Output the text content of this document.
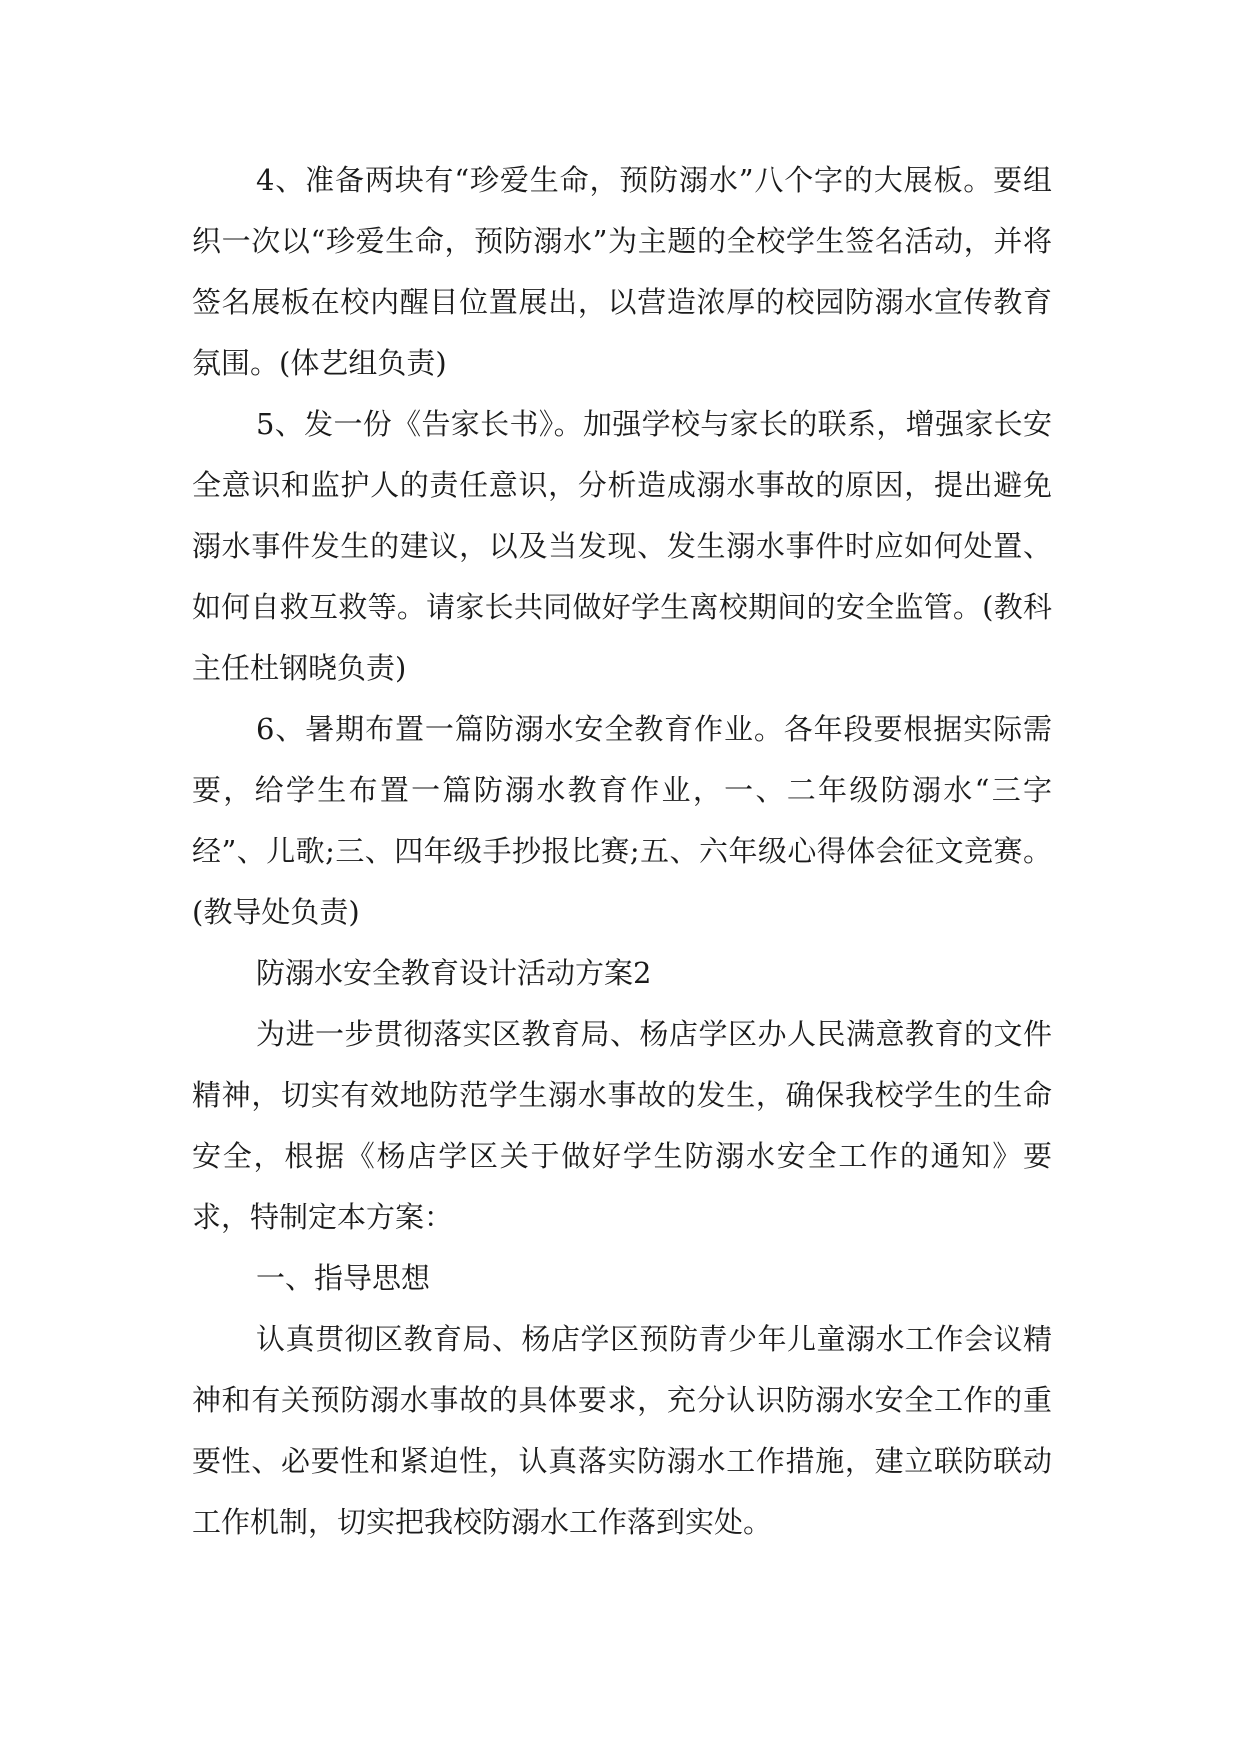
4、准备两块有“珍爱生命，预防溺水”八个字的大展板。要组织一次以“珍爱生命，预防溺水”为主题的全校学生签名活动，并将签名展板在校内醒目位置展出，以营造浓厚的校园防溺水宣传教育氛围。(体艺组负责)

5、发一份《告家长书》。加强学校与家长的联系，增强家长安全意识和监护人的责任意识，分析造成溺水事故的原因，提出避免溺水事件发生的建议，以及当发现、发生溺水事件时应如何处置、如何自救互救等。请家长共同做好学生离校期间的安全监管。(教科主任杜钢晓负责)

6、暑期布置一篇防溺水安全教育作业。各年段要根据实际需要，给学生布置一篇防溺水教育作业，一、二年级防溺水“三字经”、儿歌;三、四年级手抄报比赛;五、六年级心得体会征文竞赛。(教导处负责)

防溺水安全教育设计活动方案2

为进一步贯彻落实区教育局、杨店学区办人民满意教育的文件精神，切实有效地防范学生溺水事故的发生，确保我校学生的生命安全，根据《杨店学区关于做好学生防溺水安全工作的通知》要求，特制定本方案：

一、指导思想

认真贯彻区教育局、杨店学区预防青少年儿童溺水工作会议精神和有关预防溺水事故的具体要求，充分认识防溺水安全工作的重要性、必要性和紧迫性，认真落实防溺水工作措施，建立联防联动工作机制，切实把我校防溺水工作落到实处。
